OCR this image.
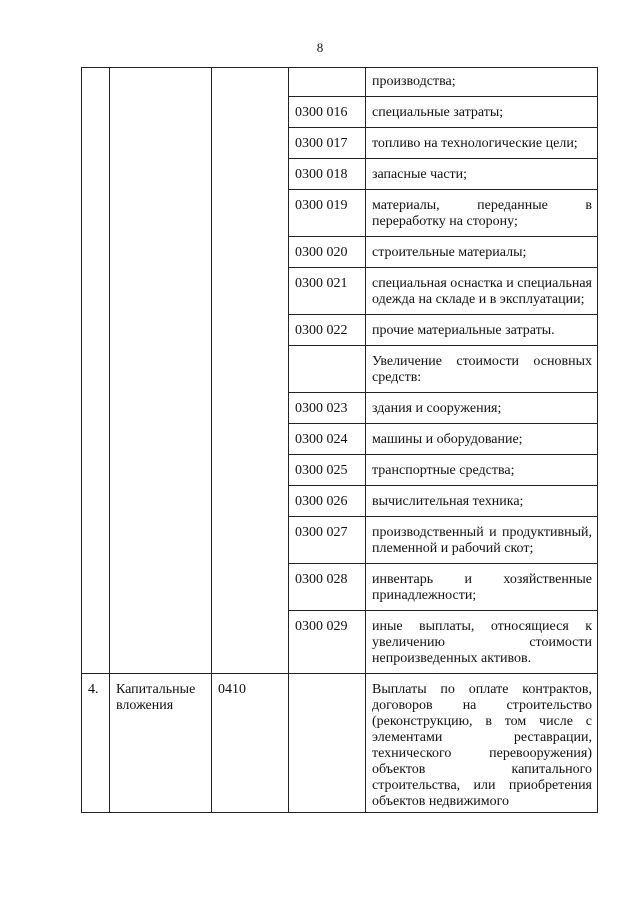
8
				производства;
			0300 016	специальные затраты;
			0300 017	топливо на технологические цели;
			0300 018	запасные части;
			0300 019	материалы, переданные в переработку на сторону;
			0300 020	строительные материалы;
			0300 021	специальная оснастка и специальная одежда на складе и в эксплуатации;
			0300 022	прочие материальные затраты.
				Увеличение стоимости основных средств:
			0300 023	здания и сооружения;
			0300 024	машины и оборудование;
			0300 025	транспортные средства;
			0300 026	вычислительная техника;
			0300 027	производственный и продуктивный, племенной и рабочий скот;
			0300 028	инвентарь и хозяйственные принадлежности;
			0300 029	иные выплаты, относящиеся к увеличению стоимости непроизведенных активов.
4.	Капитальные вложения	0410		Выплаты по оплате контрактов, договоров на строительство (реконструкцию, в том числе с элементами реставрации, технического перевооружения) объектов капитального строительства, или приобретения объектов недвижимого
